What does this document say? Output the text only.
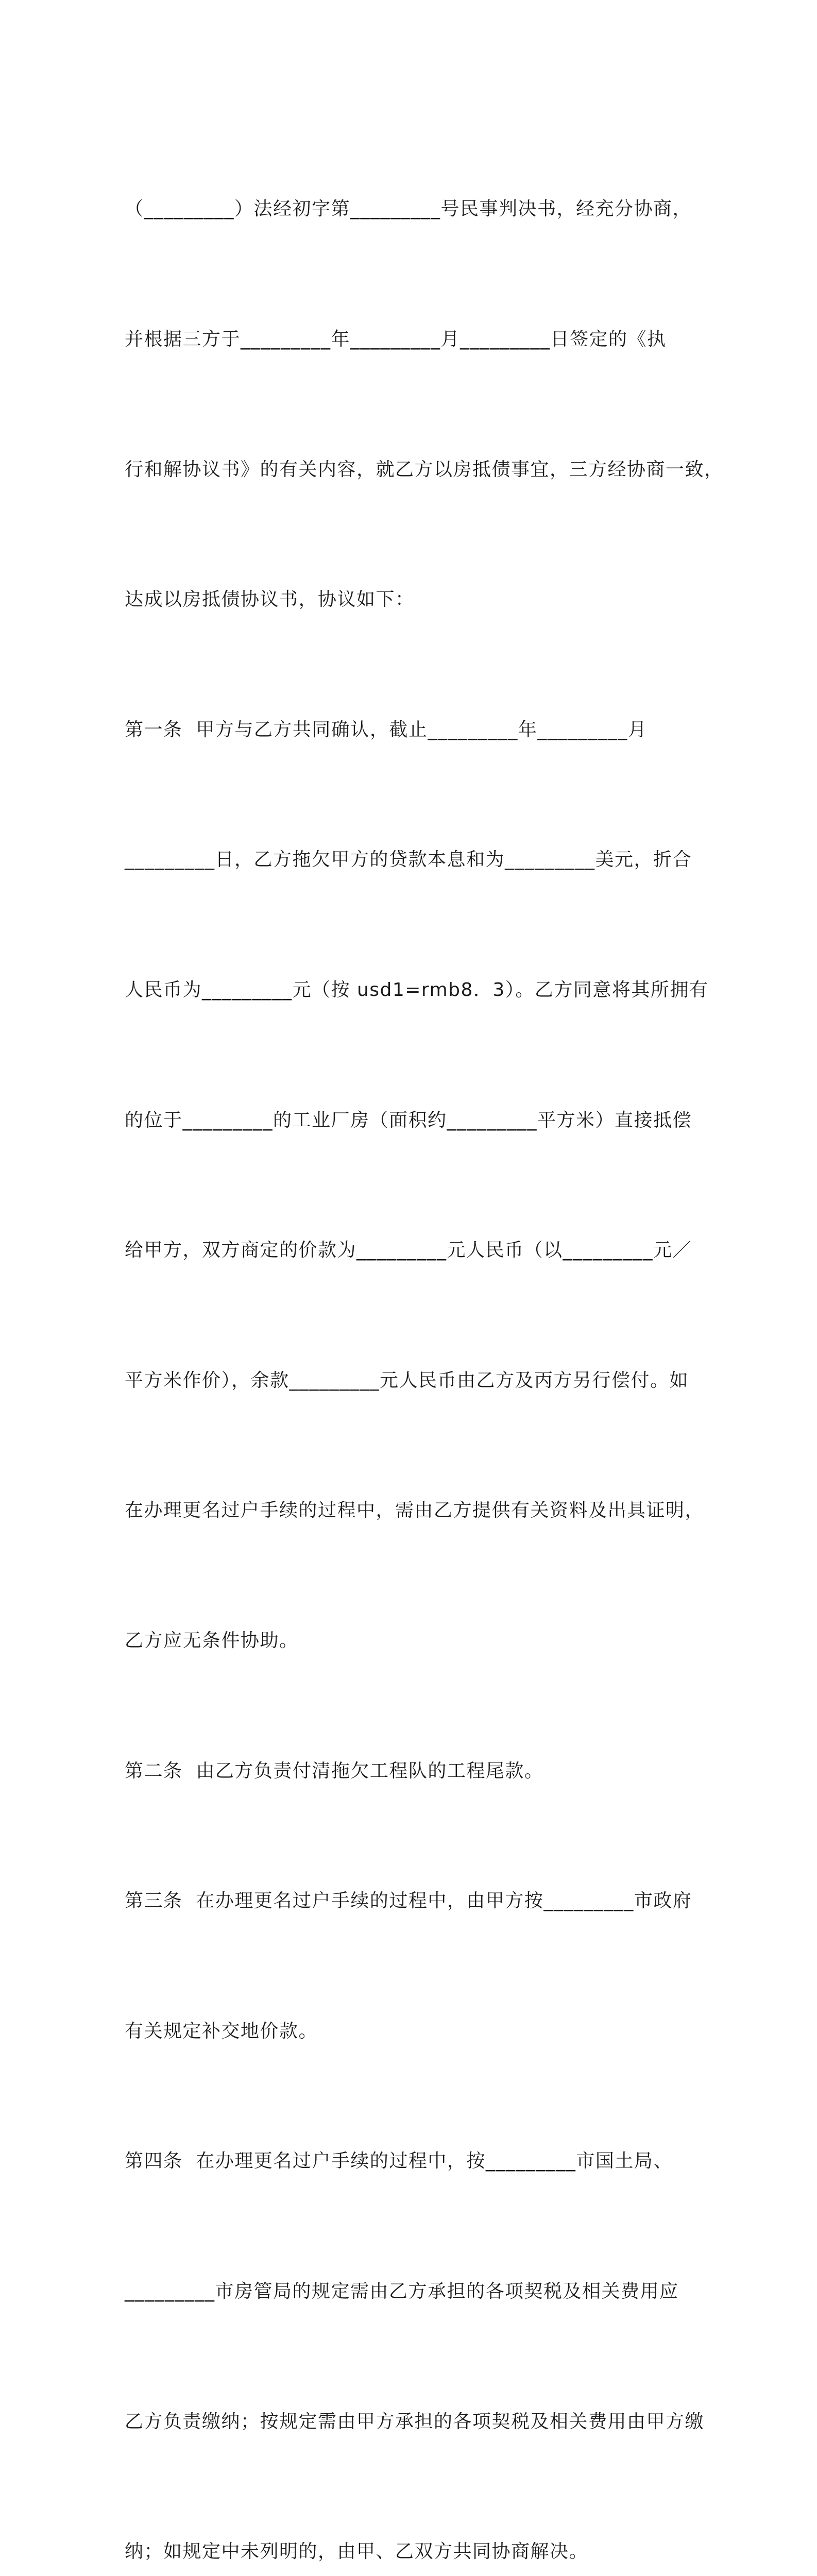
（_________）法经初字第_________号民事判决书，经充分协商，

并根据三方于_________年_________月_________日签定的《执

行和解协议书》的有关内容，就乙方以房抵债事宜，三方经协商一致，

达成以房抵债协议书，协议如下：

第一条  甲方与乙方共同确认，截止_________年_________月

_________日，乙方拖欠甲方的贷款本息和为_________美元，折合

人民币为_________元（按 usd1=rmb8．3）。乙方同意将其所拥有

的位于_________的工业厂房（面积约_________平方米）直接抵偿

给甲方，双方商定的价款为_________元人民币（以_________元／

平方米作价），余款_________元人民币由乙方及丙方另行偿付。如

在办理更名过户手续的过程中，需由乙方提供有关资料及出具证明，

乙方应无条件协助。

第二条  由乙方负责付清拖欠工程队的工程尾款。

第三条  在办理更名过户手续的过程中，由甲方按_________市政府

有关规定补交地价款。

第四条  在办理更名过户手续的过程中，按_________市国土局、

_________市房管局的规定需由乙方承担的各项契税及相关费用应

乙方负责缴纳；按规定需由甲方承担的各项契税及相关费用由甲方缴

纳；如规定中未列明的，由甲、乙双方共同协商解决。
